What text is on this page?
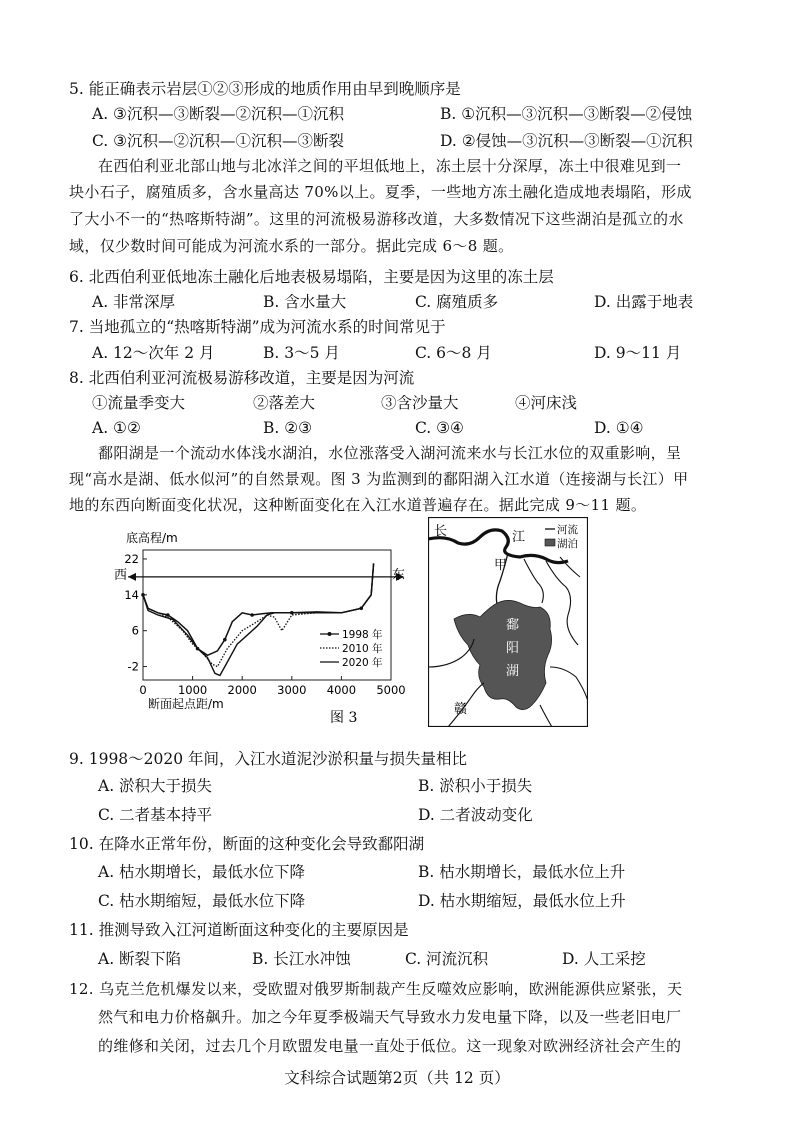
5. 能正确表示岩层①②③形成的地质作用由早到晚顺序是
A. ③沉积—③断裂—②沉积—①沉积	B. ①沉积—③沉积—③断裂—②侵蚀
C. ③沉积—②沉积—①沉积—③断裂	D. ②侵蚀—③沉积—③断裂—①沉积
在西伯利亚北部山地与北冰洋之间的平坦低地上，冻土层十分深厚，冻土中很难见到一
块小石子，腐殖质多，含水量高达 70%以上。夏季，一些地方冻土融化造成地表塌陷，形成
了大小不一的“热喀斯特湖”。这里的河流极易游移改道，大多数情况下这些湖泊是孤立的水
域，仅少数时间可能成为河流水系的一部分。据此完成 6～8 题。
6. 北西伯利亚低地冻土融化后地表极易塌陷，主要是因为这里的冻土层
A. 非常深厚	B. 含水量大	C. 腐殖质多	D. 出露于地表
7. 当地孤立的“热喀斯特湖”成为河流水系的时间常见于
A. 12～次年 2 月	B. 3～5 月	C. 6～8 月	D. 9～11 月
8. 北西伯利亚河流极易游移改道，主要是因为河流
①流量季变大	②落差大	③含沙量大	④河床浅
A. ①②	B. ②③	C. ③④	D. ①④
鄱阳湖是一个流动水体浅水湖泊，水位涨落受入湖河流来水与长江水位的双重影响，呈
现“高水是湖、低水似河”的自然景观。图 3 为监测到的鄱阳湖入江水道（连接湖与长江）甲
地的东西向断面变化状况，这种断面变化在入江水道普遍存在。据此完成 9～11 题。
底高程/m
22
14
6
-2
0	1000 2000 3000 4000 5000
西	东
1998 年
2010 年
2020 年
断面起点距/m
图 3
河流
湖泊
长	江
甲
鄱
阳
湖
赣
9. 1998～2020 年间，入江水道泥沙淤积量与损失量相比
A. 淤积大于损失	B. 淤积小于损失
C. 二者基本持平	D. 二者波动变化
10. 在降水正常年份，断面的这种变化会导致鄱阳湖
A. 枯水期增长，最低水位下降	B. 枯水期增长，最低水位上升
C. 枯水期缩短，最低水位下降	D. 枯水期缩短，最低水位上升
11. 推测导致入江河道断面这种变化的主要原因是
A. 断裂下陷	B. 长江水冲蚀	C. 河流沉积	D. 人工采挖
12. 乌克兰危机爆发以来，受欧盟对俄罗斯制裁产生反噬效应影响，欧洲能源供应紧张，天
然气和电力价格飙升。加之今年夏季极端天气导致水力发电量下降，以及一些老旧电厂
的维修和关闭，过去几个月欧盟发电量一直处于低位。这一现象对欧洲经济社会产生的
文科综合试题第2页（共 12 页）
